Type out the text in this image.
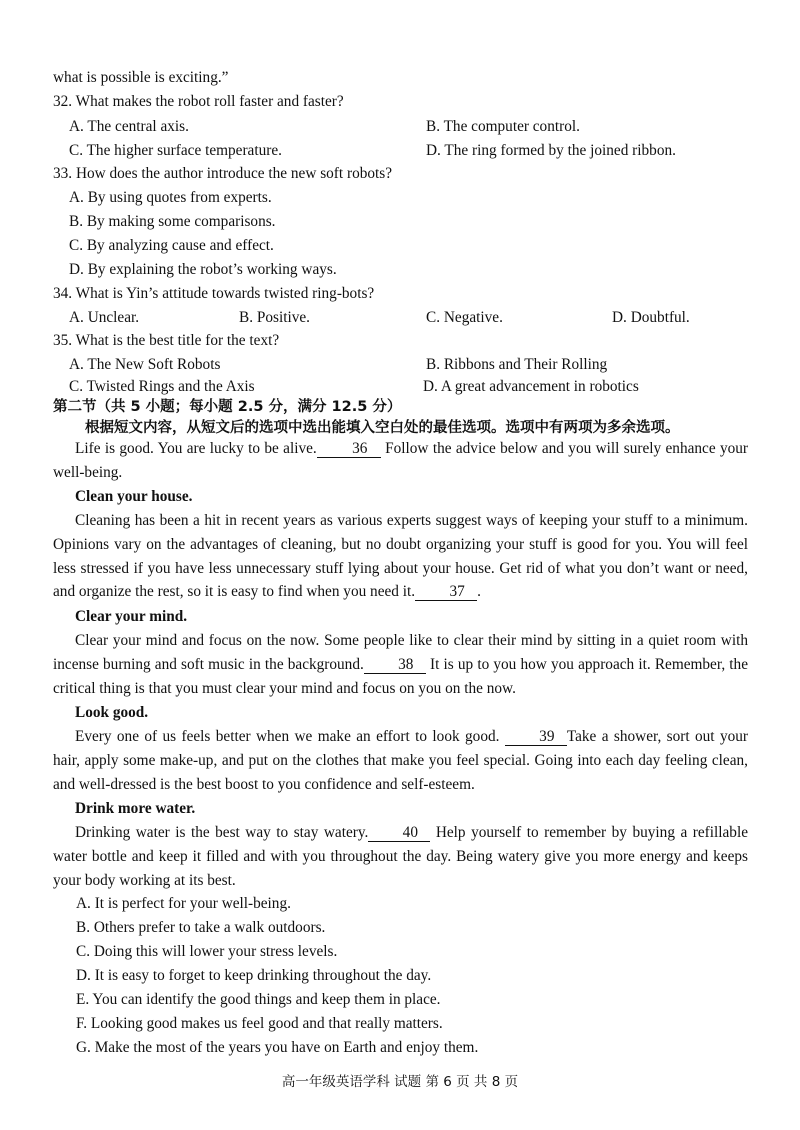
what is possible is exciting.”
32. What makes the robot roll faster and faster?
A. The central axis.	B. The computer control.
C. The higher surface temperature.	D. The ring formed by the joined ribbon.
33. How does the author introduce the new soft robots?
A. By using quotes from experts.
B. By making some comparisons.
C. By analyzing cause and effect.
D. By explaining the robot’s working ways.
34. What is Yin’s attitude towards twisted ring-bots?
A. Unclear.	B. Positive.	C. Negative.	D. Doubtful.
35. What is the best title for the text?
A. The New Soft Robots	B. Ribbons and Their Rolling
C. Twisted Rings and the Axis	D. A great advancement in robotics
第二节（共 5 小题；每小题 2.5 分，满分 12.5 分）
根据短文内容，从短文后的选项中选出能填入空白处的最佳选项。选项中有两项为多余选项。
Life is good. You are lucky to be alive. 36 Follow the advice below and you will surely enhance your well-being.
Clean your house.
Cleaning has been a hit in recent years as various experts suggest ways of keeping your stuff to a minimum. Opinions vary on the advantages of cleaning, but no doubt organizing your stuff is good for you. You will feel less stressed if you have less unnecessary stuff lying about your house. Get rid of what you don’t want or need, and organize the rest, so it is easy to find when you need it. 37 .
Clear your mind.
Clear your mind and focus on the now. Some people like to clear their mind by sitting in a quiet room with incense burning and soft music in the background. 38 It is up to you how you approach it. Remember, the critical thing is that you must clear your mind and focus on you on the now.
Look good.
Every one of us feels better when we make an effort to look good. 39 Take a shower, sort out your hair, apply some make-up, and put on the clothes that make you feel special. Going into each day feeling clean, and well-dressed is the best boost to you confidence and self-esteem.
Drink more water.
Drinking water is the best way to stay watery. 40 Help yourself to remember by buying a refillable water bottle and keep it filled and with you throughout the day. Being watery give you more energy and keeps your body working at its best.
A. It is perfect for your well-being.
B. Others prefer to take a walk outdoors.
C. Doing this will lower your stress levels.
D. It is easy to forget to keep drinking throughout the day.
E. You can identify the good things and keep them in place.
F. Looking good makes us feel good and that really matters.
G. Make the most of the years you have on Earth and enjoy them.
高一年级英语学科 试题 第 6 页 共 8 页
